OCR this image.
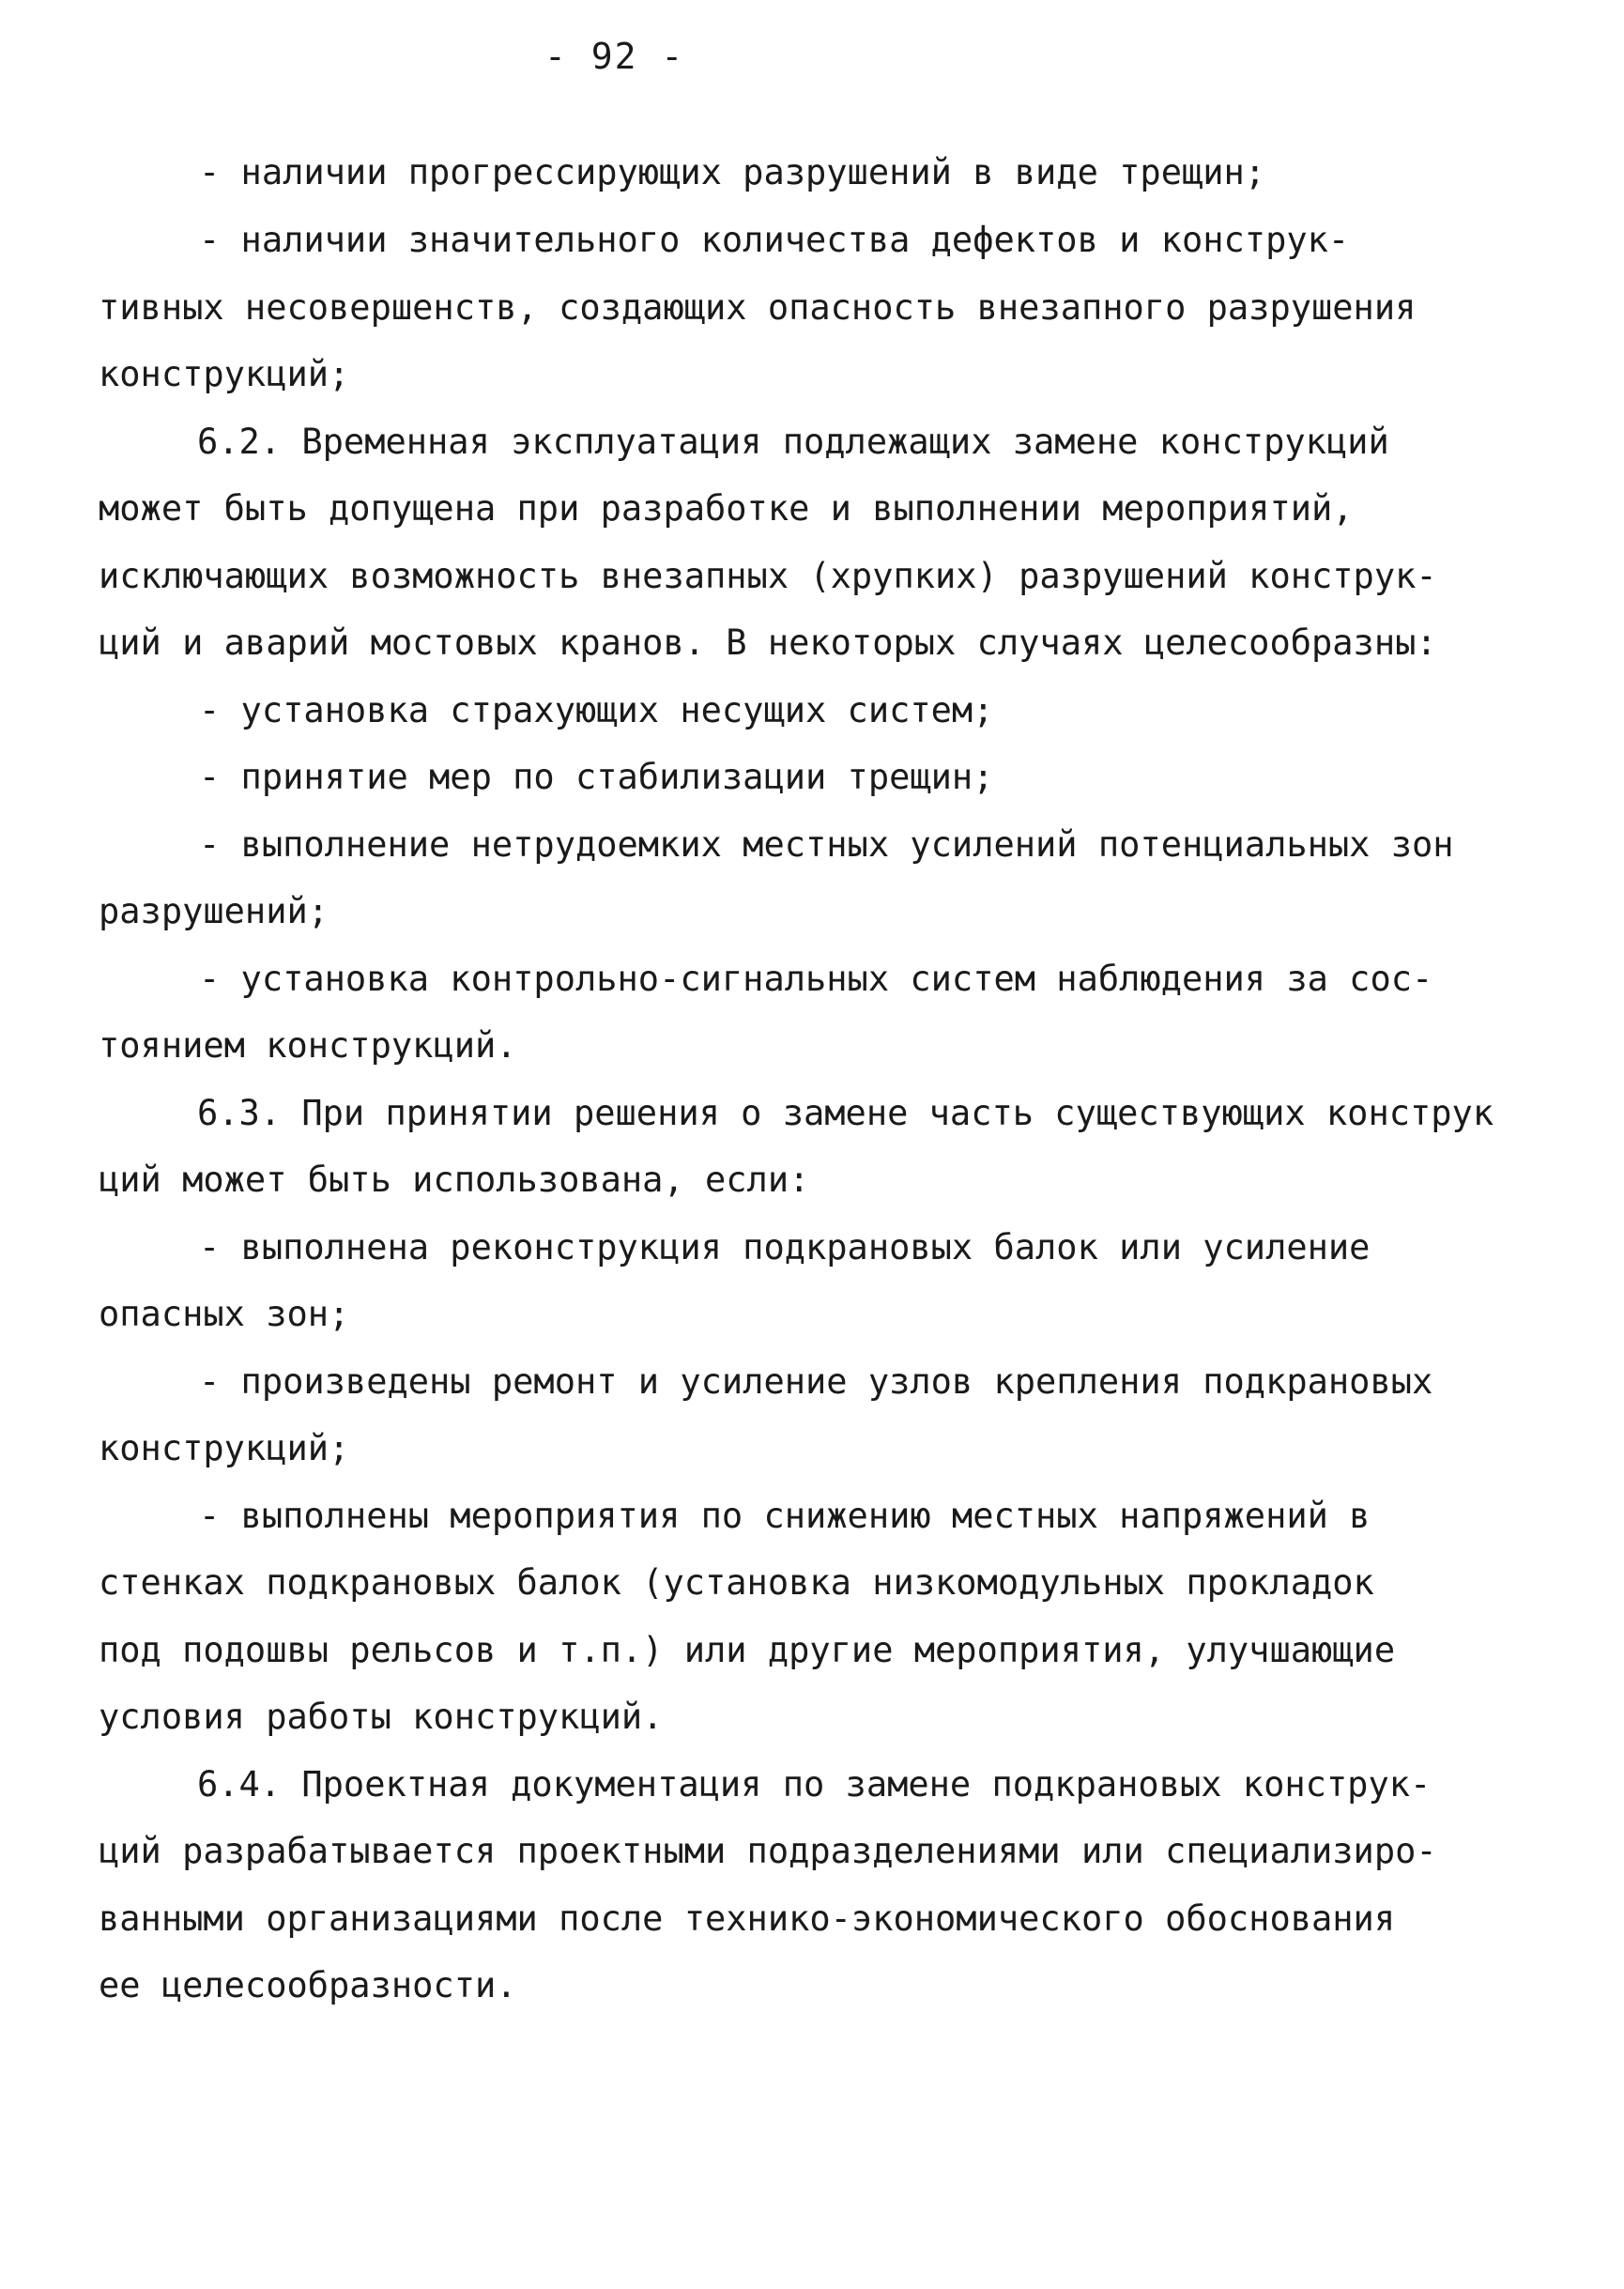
- 92 -
- наличии прогрессирующих разрушений в виде трещин;
- наличии значительного количества дефектов и конструк-
тивных несовершенств, создающих опасность внезапного разрушения
конструкций;
6.2. Временная эксплуатация подлежащих замене конструкций
может быть допущена при разработке и выполнении мероприятий,
исключающих возможность внезапных (хрупких) разрушений конструк-
ций и аварий мостовых кранов. В некоторых случаях целесообразны:
- установка страхующих несущих систем;
- принятие мер по стабилизации трещин;
- выполнение нетрудоемких местных усилений потенциальных зон
разрушений;
- установка контрольно-сигнальных систем наблюдения за сос-
тоянием конструкций.
6.3. При принятии решения о замене часть существующих конструк
ций может быть использована, если:
- выполнена реконструкция подкрановых балок или усиление
опасных зон;
- произведены ремонт и усиление узлов крепления подкрановых
конструкций;
- выполнены мероприятия по снижению местных напряжений в
стенках подкрановых балок (установка низкомодульных прокладок
под подошвы рельсов и т.п.) или другие мероприятия, улучшающие
условия работы конструкций.
6.4. Проектная документация по замене подкрановых конструк-
ций разрабатывается проектными подразделениями или специализиро-
ванными организациями после технико-экономического обоснования
ее целесообразности.
